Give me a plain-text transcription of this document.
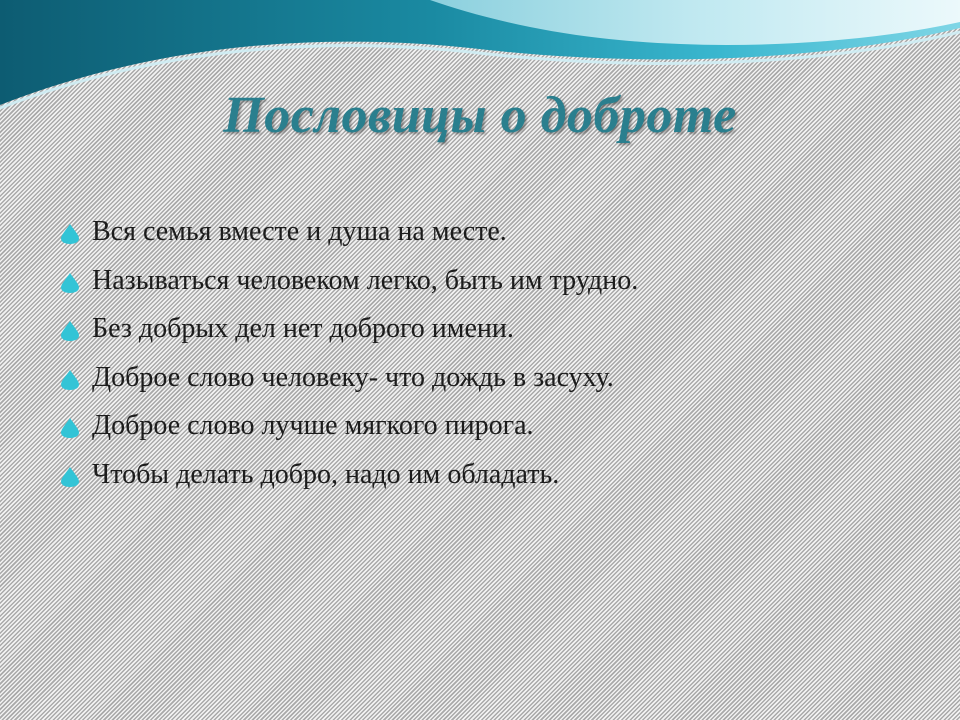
Пословицы о доброте
Вся семья вместе и душа на месте.
Называться человеком легко, быть им трудно.
Без добрых дел нет доброго имени.
Доброе слово человеку- что дождь в засуху.
Доброе слово лучше мягкого пирога.
Чтобы делать добро, надо им обладать.
